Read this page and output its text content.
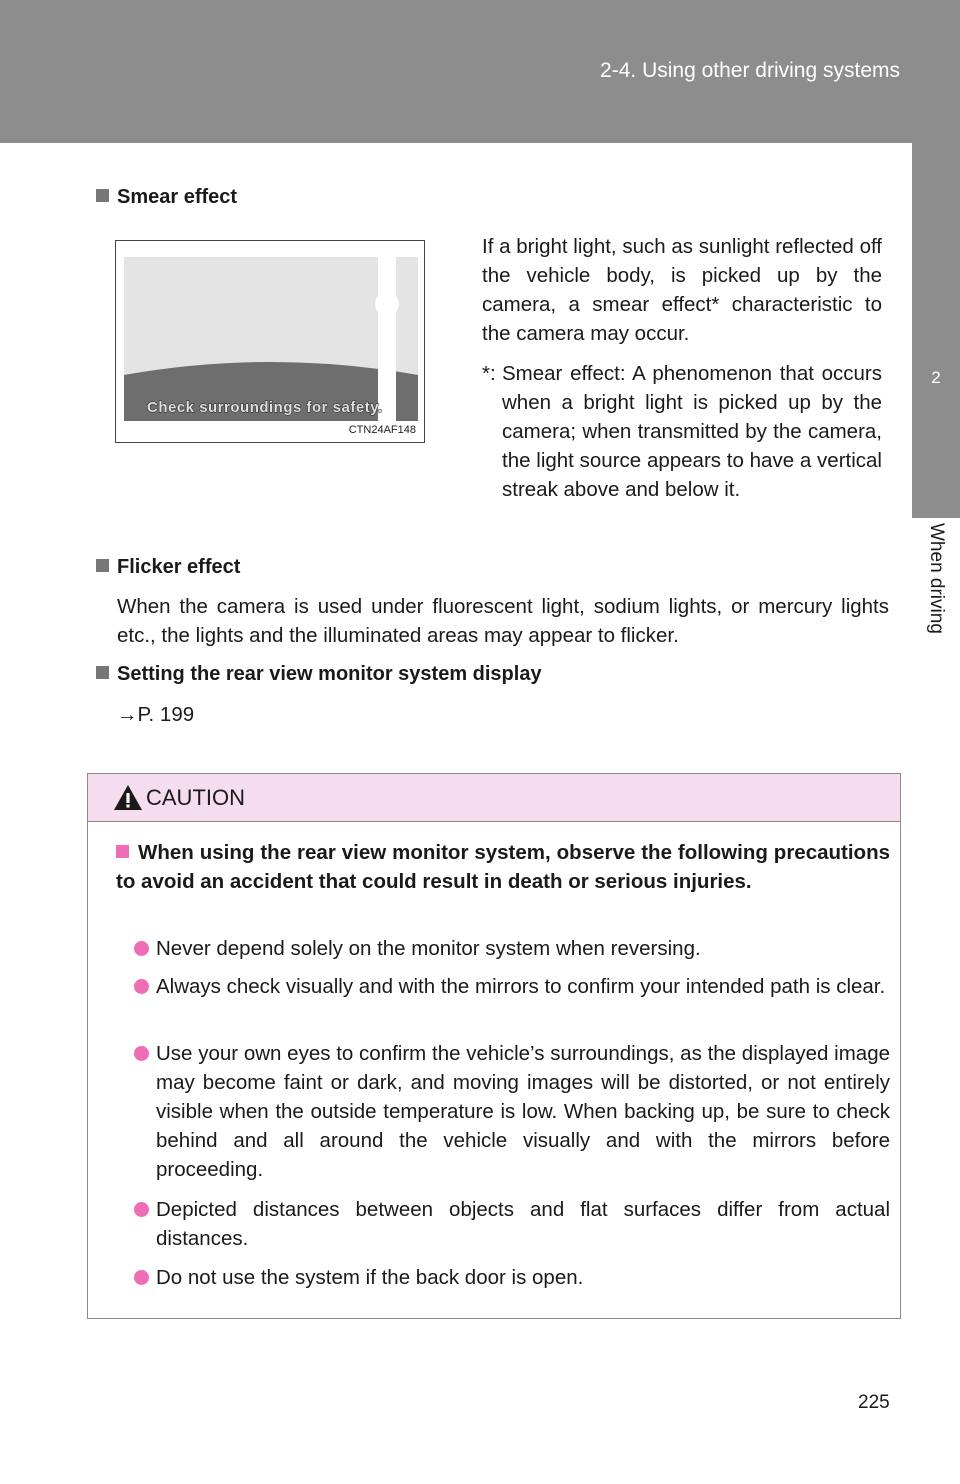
2-4. Using other driving systems
2
When driving
Smear effect
Check surroundings for safety.
CTN24AF148
If a bright light, such as sunlight reflected off the vehicle body, is picked up by the camera, a smear effect* characteristic to the camera may occur.
*: Smear effect: A phenomenon that occurs when a bright light is picked up by the camera; when transmitted by the camera, the light source appears to have a vertical streak above and below it.
Flicker effect
When the camera is used under fluorescent light, sodium lights, or mercury lights etc., the lights and the illuminated areas may appear to flicker.
Setting the rear view monitor system display
→P. 199
CAUTION
When using the rear view monitor system, observe the following precautions to avoid an accident that could result in death or serious injuries.
Never depend solely on the monitor system when reversing.
Always check visually and with the mirrors to confirm your intended path is clear.
Use your own eyes to confirm the vehicle’s surroundings, as the displayed image may become faint or dark, and moving images will be distorted, or not entirely visible when the outside temperature is low. When backing up, be sure to check behind and all around the vehicle visually and with the mirrors before proceeding.
Depicted distances between objects and flat surfaces differ from actual distances.
Do not use the system if the back door is open.
225
